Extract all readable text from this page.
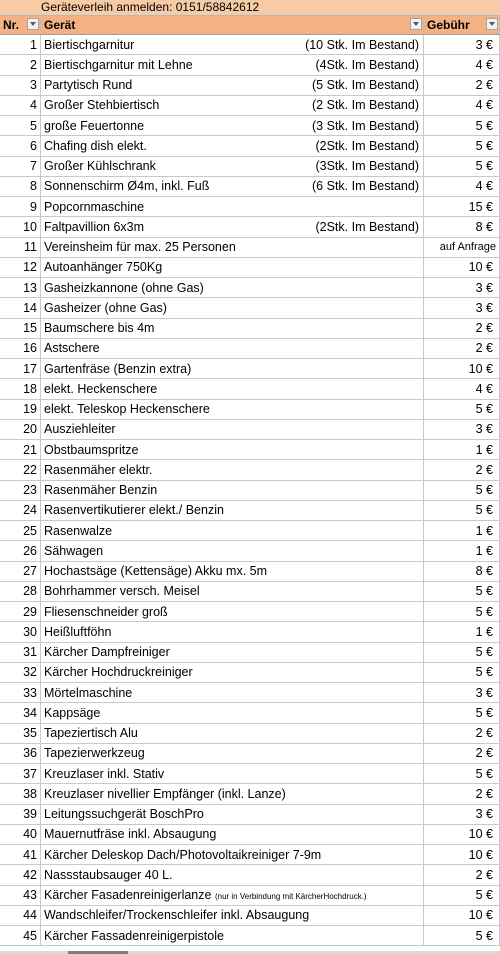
Geräteverleih anmelden: 0151/58842612
Nr. Gerät	Gebühr
1 Biertischgarnitur	(10 Stk. Im Bestand)	3 €
2 Biertischgarnitur mit Lehne	(4Stk. Im Bestand)	4 €
3 Partytisch Rund	(5 Stk. Im Bestand)	2 €
4 Großer Stehbiertisch	(2 Stk. Im Bestand)	4 €
5 große Feuertonne	(3 Stk. Im Bestand)	5 €
6 Chafing dish elekt.	(2Stk. Im Bestand)	5 €
7 Großer Kühlschrank	(3Stk. Im Bestand)	5 €
8 Sonnenschirm Ø4m, inkl. Fuß	(6 Stk. Im Bestand)	4 €
9 Popcornmaschine	15 €
10 Faltpavillion 6x3m	(2Stk. Im Bestand)	8 €
11 Vereinsheim für max. 25 Personen	auf Anfrage
12 Autoanhänger 750Kg	10 €
13 Gasheizkannone (ohne Gas)	3 €
14 Gasheizer (ohne Gas)	3 €
15 Baumschere bis 4m	2 €
16 Astschere	2 €
17 Gartenfräse (Benzin extra)	10 €
18 elekt. Heckenschere	4 €
19 elekt. Teleskop Heckenschere	5 €
20 Ausziehleiter	3 €
21 Obstbaumspritze	1 €
22 Rasenmäher elektr.	2 €
23 Rasenmäher Benzin	5 €
24 Rasenvertikutierer elekt./ Benzin	5 €
25 Rasenwalze	1 €
26 Sähwagen	1 €
27 Hochastsäge (Kettensäge) Akku mx. 5m	8 €
28 Bohrhammer versch. Meisel	5 €
29 Fliesenschneider groß	5 €
30 Heißluftföhn	1 €
31 Kärcher Dampfreiniger	5 €
32 Kärcher Hochdruckreiniger	5 €
33 Mörtelmaschine	3 €
34 Kappsäge	5 €
35 Tapeziertisch Alu	2 €
36 Tapezierwerkzeug	2 €
37 Kreuzlaser inkl. Stativ	5 €
38 Kreuzlaser nivellier Empfänger (inkl. Lanze)	2 €
39 Leitungssuchgerät BoschPro	3 €
40 Mauernutfräse inkl. Absaugung	10 €
41 Kärcher Deleskop Dach/Photovoltaikreiniger 7-9m	10 €
42 Nassstaubsauger 40 L.	2 €
43 Kärcher Fasadenreinigerlanze (nur in Verbindung mit KärcherHochdruck.)	5 €
44 Wandschleifer/Trockenschleifer inkl. Absaugung	10 €
45 Kärcher Fassadenreinigerpistole	5 €
